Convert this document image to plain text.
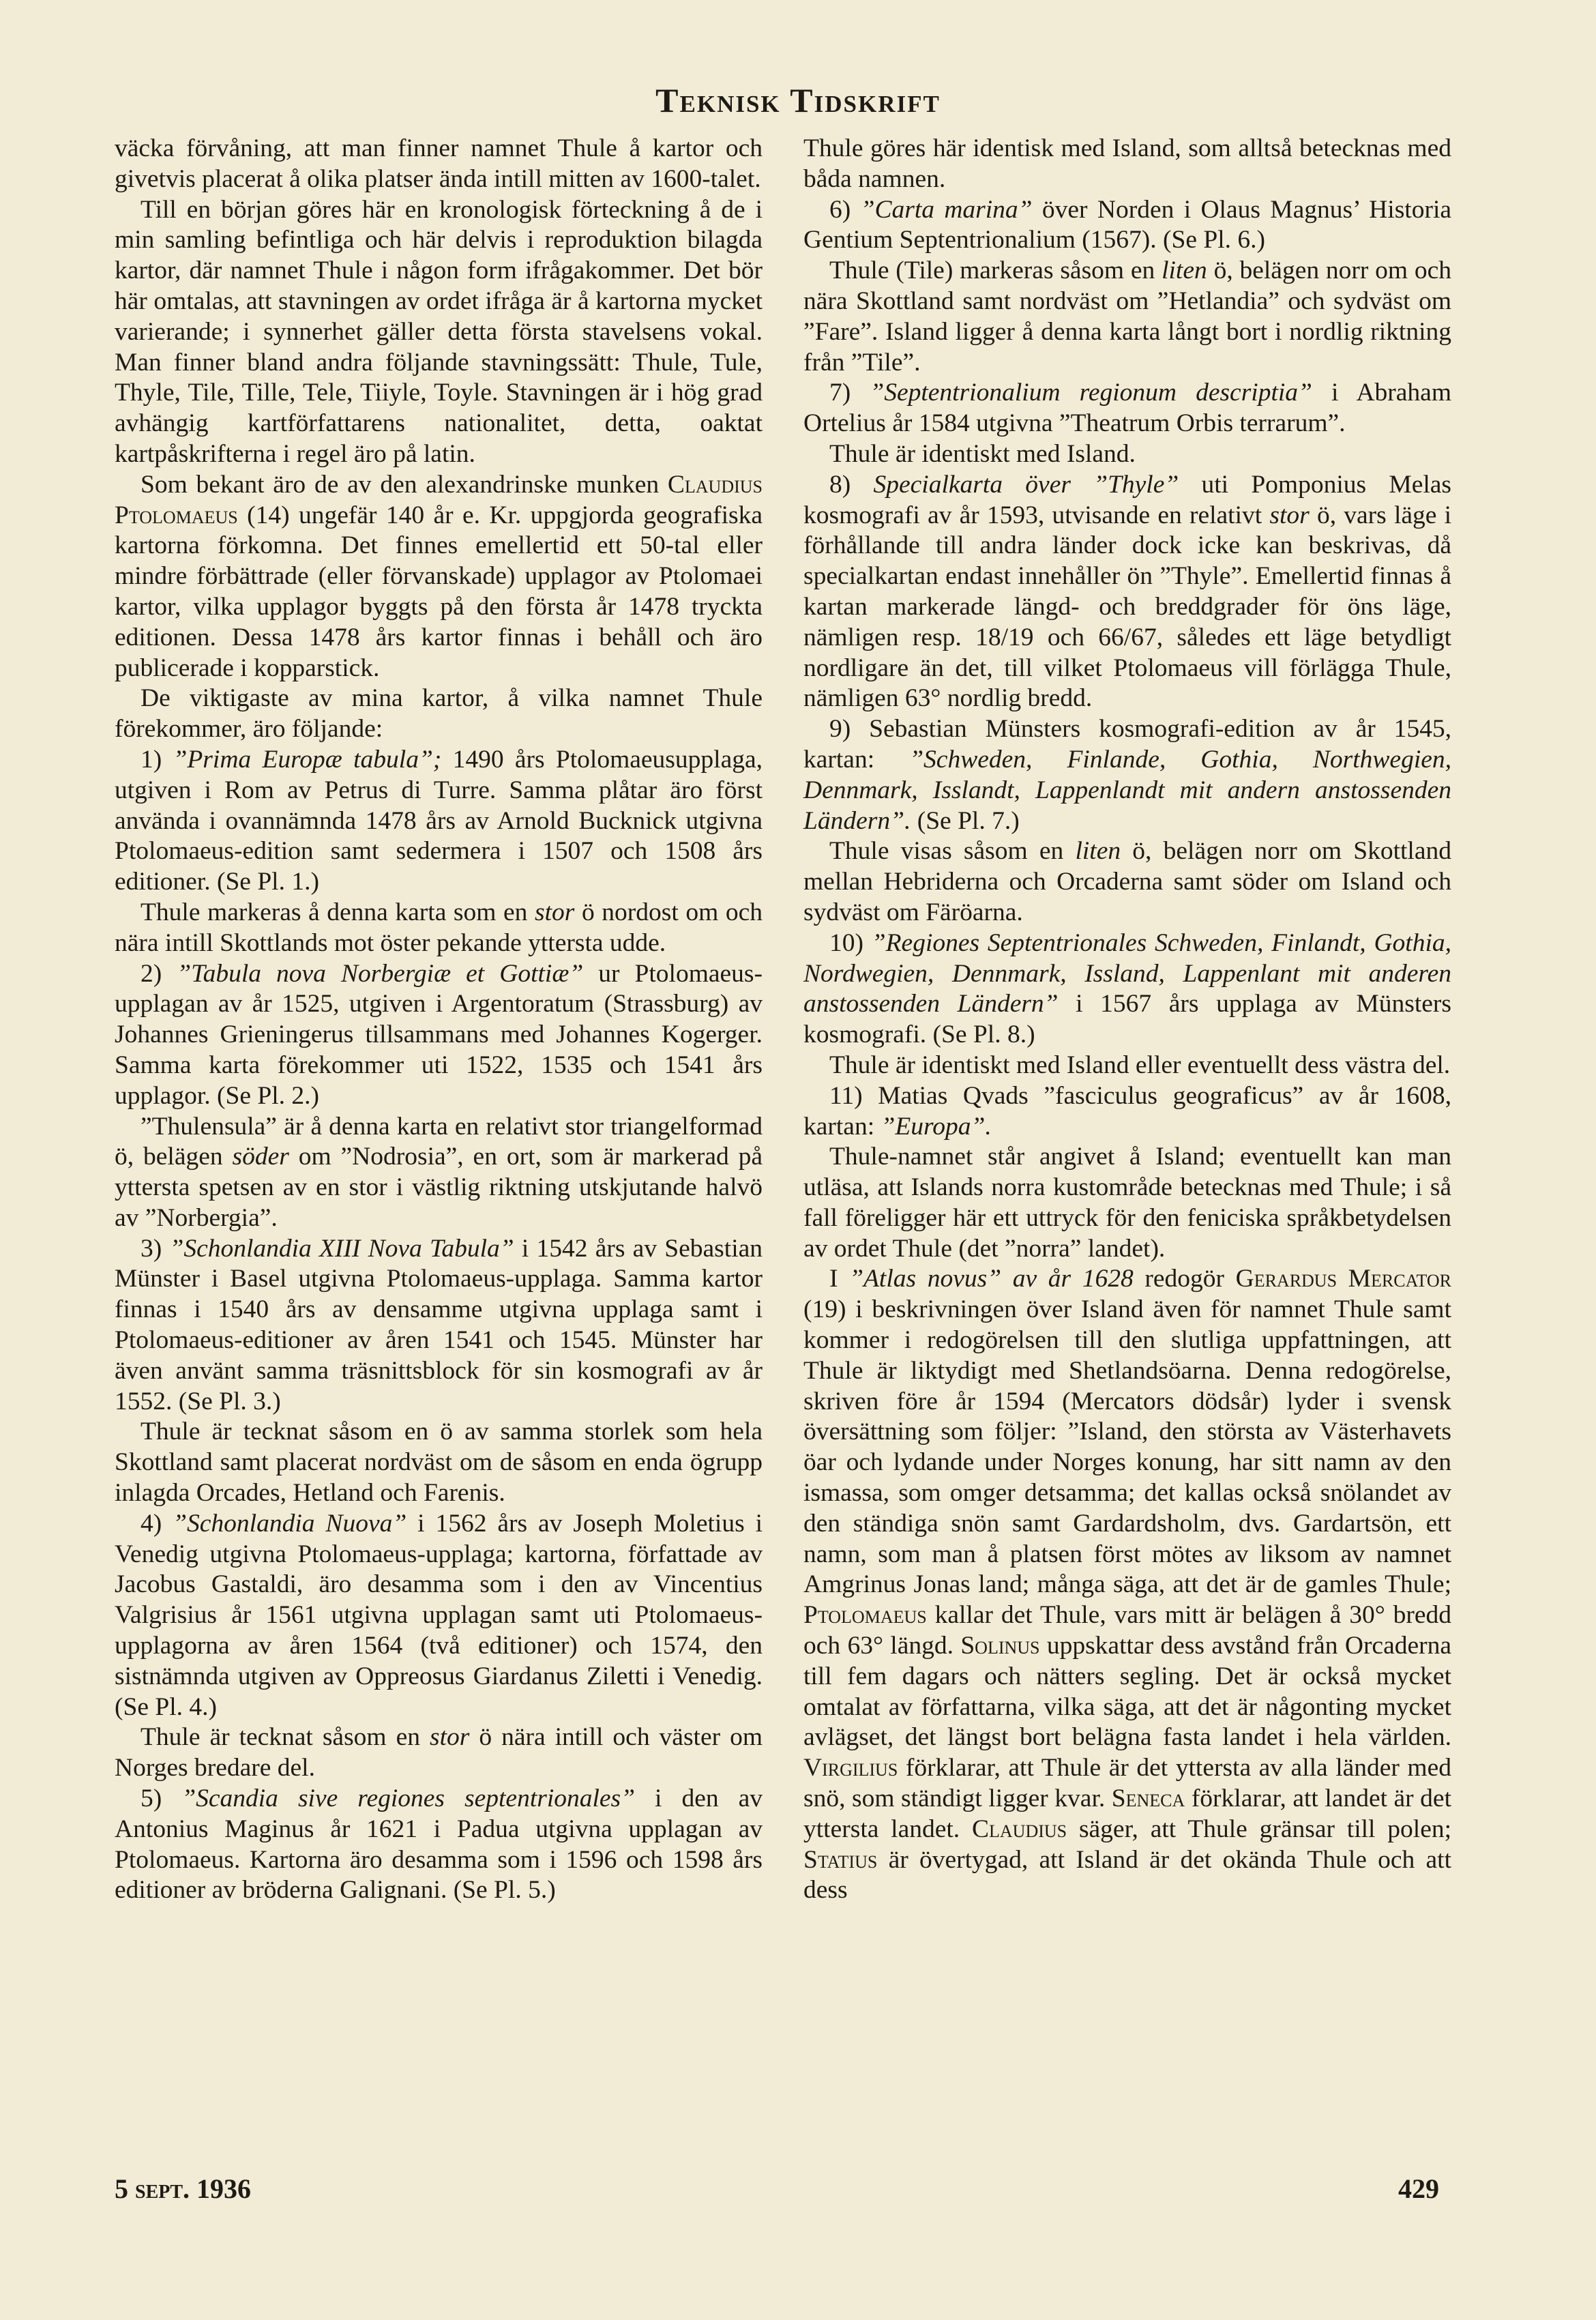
Teknisk Tidskrift

väcka förvåning, att man finner namnet Thule å kartor och givetvis placerat å olika platser ända intill mitten av 1600-talet.

Till en början göres här en kronologisk förteckning å de i min samling befintliga och här delvis i reproduktion bilagda kartor, där namnet Thule i någon form ifrågakommer. Det bör här omtalas, att stavningen av ordet ifråga är å kartorna mycket varierande; i synnerhet gäller detta första stavelsens vokal. Man finner bland andra följande stavningssätt: Thule, Tule, Thyle, Tile, Tille, Tele, Tiiyle, Toyle. Stavningen är i hög grad avhängig kartförfattarens nationalitet, detta, oaktat kartpåskrifterna i regel äro på latin.

Som bekant äro de av den alexandrinske munken Claudius Ptolomaeus (14) ungefär 140 år e. Kr. uppgjorda geografiska kartorna förkomna. Det finnes emellertid ett 50-tal eller mindre förbättrade (eller förvanskade) upplagor av Ptolomaei kartor, vilka upplagor byggts på den första år 1478 tryckta editionen. Dessa 1478 års kartor finnas i behåll och äro publicerade i kopparstick.

De viktigaste av mina kartor, å vilka namnet Thule förekommer, äro följande:

1) ”Prima Europæ tabula”; 1490 års Ptolomaeusupplaga, utgiven i Rom av Petrus di Turre. Samma plåtar äro först använda i ovannämnda 1478 års av Arnold Bucknick utgivna Ptolomaeus-edition samt sedermera i 1507 och 1508 års editioner. (Se Pl. 1.)

Thule markeras å denna karta som en stor ö nordost om och nära intill Skottlands mot öster pekande yttersta udde.

2) ”Tabula nova Norbergiæ et Gottiæ” ur Ptolomaeus-upplagan av år 1525, utgiven i Argentoratum (Strassburg) av Johannes Grieningerus tillsammans med Johannes Kogerger. Samma karta förekommer uti 1522, 1535 och 1541 års upplagor. (Se Pl. 2.)

”Thulensula” är å denna karta en relativt stor triangelformad ö, belägen söder om ”Nodrosia”, en ort, som är markerad på yttersta spetsen av en stor i västlig riktning utskjutande halvö av ”Norbergia”.

3) ”Schonlandia XIII Nova Tabula” i 1542 års av Sebastian Münster i Basel utgivna Ptolomaeus-upplaga. Samma kartor finnas i 1540 års av densamme utgivna upplaga samt i Ptolomaeus-editioner av åren 1541 och 1545. Münster har även använt samma träsnittsblock för sin kosmografi av år 1552. (Se Pl. 3.)

Thule är tecknat såsom en ö av samma storlek som hela Skottland samt placerat nordväst om de såsom en enda ögrupp inlagda Orcades, Hetland och Farenis.

4) ”Schonlandia Nuova” i 1562 års av Joseph Moletius i Venedig utgivna Ptolomaeus-upplaga; kartorna, författade av Jacobus Gastaldi, äro desamma som i den av Vincentius Valgrisius år 1561 utgivna upplagan samt uti Ptolomaeus-upplagorna av åren 1564 (två editioner) och 1574, den sistnämnda utgiven av Oppreosus Giardanus Ziletti i Venedig. (Se Pl. 4.)

Thule är tecknat såsom en stor ö nära intill och väster om Norges bredare del.

5) ”Scandia sive regiones septentrionales” i den av Antonius Maginus år 1621 i Padua utgivna upplagan av Ptolomaeus. Kartorna äro desamma som i 1596 och 1598 års editioner av bröderna Galignani. (Se Pl. 5.)

Thule göres här identisk med Island, som alltså betecknas med båda namnen.

6) ”Carta marina” över Norden i Olaus Magnus’ Historia Gentium Septentrionalium (1567). (Se Pl. 6.)

Thule (Tile) markeras såsom en liten ö, belägen norr om och nära Skottland samt nordväst om ”Hetlandia” och sydväst om ”Fare”. Island ligger å denna karta långt bort i nordlig riktning från ”Tile”.

7) ”Septentrionalium regionum descriptia” i Abraham Ortelius år 1584 utgivna ”Theatrum Orbis terrarum”.

Thule är identiskt med Island.

8) Specialkarta över ”Thyle” uti Pomponius Melas kosmografi av år 1593, utvisande en relativt stor ö, vars läge i förhållande till andra länder dock icke kan beskrivas, då specialkartan endast innehåller ön ”Thyle”. Emellertid finnas å kartan markerade längd- och breddgrader för öns läge, nämligen resp. 18/19 och 66/67, således ett läge betydligt nordligare än det, till vilket Ptolomaeus vill förlägga Thule, nämligen 63° nordlig bredd.

9) Sebastian Münsters kosmografi-edition av år 1545, kartan: ”Schweden, Finlande, Gothia, Northwegien, Dennmark, Isslandt, Lappenlandt mit andern anstossenden Ländern”. (Se Pl. 7.)

Thule visas såsom en liten ö, belägen norr om Skottland mellan Hebriderna och Orcaderna samt söder om Island och sydväst om Färöarna.

10) ”Regiones Septentrionales Schweden, Finlandt, Gothia, Nordwegien, Dennmark, Issland, Lappenlant mit anderen anstossenden Ländern” i 1567 års upplaga av Münsters kosmografi. (Se Pl. 8.)

Thule är identiskt med Island eller eventuellt dess västra del.

11) Matias Qvads ”fasciculus geograficus” av år 1608, kartan: ”Europa”.

Thule-namnet står angivet å Island; eventuellt kan man utläsa, att Islands norra kustområde betecknas med Thule; i så fall föreligger här ett uttryck för den feniciska språkbetydelsen av ordet Thule (det ”norra” landet).

I ”Atlas novus” av år 1628 redogör Gerardus Mercator (19) i beskrivningen över Island även för namnet Thule samt kommer i redogörelsen till den slutliga uppfattningen, att Thule är liktydigt med Shetlandsöarna. Denna redogörelse, skriven före år 1594 (Mercators dödsår) lyder i svensk översättning som följer: ”Island, den största av Västerhavets öar och lydande under Norges konung, har sitt namn av den ismassa, som omger detsamma; det kallas också snölandet av den ständiga snön samt Gardardsholm, dvs. Gardartsön, ett namn, som man å platsen först mötes av liksom av namnet Amgrinus Jonas land; många säga, att det är de gamles Thule; Ptolomaeus kallar det Thule, vars mitt är belägen å 30° bredd och 63° längd. Solinus uppskattar dess avstånd från Orcaderna till fem dagars och nätters segling. Det är också mycket omtalat av författarna, vilka säga, att det är någonting mycket avlägset, det längst bort belägna fasta landet i hela världen. Virgilius förklarar, att Thule är det yttersta av alla länder med snö, som ständigt ligger kvar. Seneca förklarar, att landet är det yttersta landet. Claudius säger, att Thule gränsar till polen; Statius är övertygad, att Island är det okända Thule och att dess

5 sept. 1936	429
